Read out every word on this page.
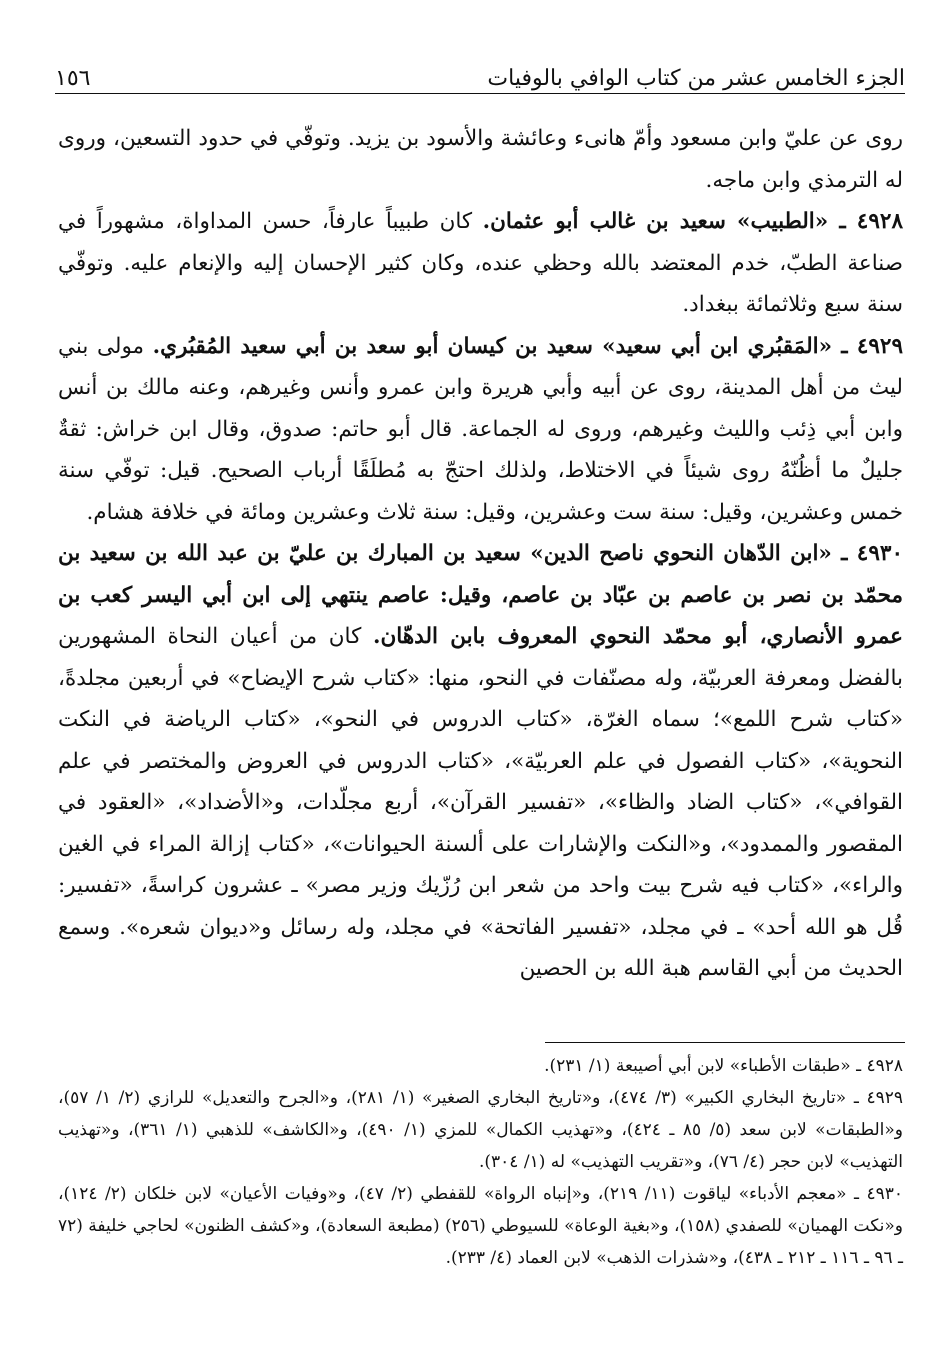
الجزء الخامس عشر من كتاب الوافي بالوفيات
١٥٦

روى عن عليّ وابن مسعود وأمّ هانىء وعائشة والأسود بن يزيد. وتوفّي في حدود التسعين، وروى له الترمذي وابن ماجه.

٤٩٢٨ ـ «الطبيب» سعيد بن غالب أبو عثمان. كان طبيباً عارفاً، حسن المداواة، مشهوراً في صناعة الطبّ، خدم المعتضد بالله وحظي عنده، وكان كثير الإحسان إليه والإنعام عليه. وتوفّي سنة سبع وثلاثمائة ببغداد.

٤٩٢٩ ـ «المَقبُري ابن أبي سعيد» سعيد بن كيسان أبو سعد بن أبي سعيد المُقبُري. مولى بني ليث من أهل المدينة، روى عن أبيه وأبي هريرة وابن عمرو وأنس وغيرهم، وعنه مالك بن أنس وابن أبي ذِئب والليث وغيرهم، وروى له الجماعة. قال أبو حاتم: صدوق، وقال ابن خراش: ثقةٌ جليلٌ ما أظُنّهُ روى شيئاً في الاختلاط، ولذلك احتجّ به مُطلَقًا أرباب الصحيح. قيل: توفّي سنة خمس وعشرين، وقيل: سنة ست وعشرين، وقيل: سنة ثلاث وعشرين ومائة في خلافة هشام.

٤٩٣٠ ـ «ابن الدّهان النحوي ناصح الدين» سعيد بن المبارك بن عليّ بن عبد الله بن سعيد بن محمّد بن نصر بن عاصم بن عبّاد بن عاصم، وقيل: عاصم ينتهي إلى ابن أبي اليسر كعب بن عمرو الأنصاري، أبو محمّد النحوي المعروف بابن الدهّان. كان من أعيان النحاة المشهورين بالفضل ومعرفة العربيّة، وله مصنّفات في النحو، منها: «كتاب شرح الإيضاح» في أربعين مجلدةً، «كتاب شرح اللمع»؛ سماه الغرّة، «كتاب الدروس في النحو»، «كتاب الرياضة في النكت النحوية»، «كتاب الفصول في علم العربيّة»، «كتاب الدروس في العروض والمختصر في علم القوافي»، «كتاب الضاد والظاء»، «تفسير القرآن»، أربع مجلّدات، و«الأضداد»، «العقود في المقصور والممدود»، و«النكت والإشارات على ألسنة الحيوانات»، «كتاب إزالة المراء في الغين والراء»، «كتاب فيه شرح بيت واحد من شعر ابن رُزّيك وزير مصر» ـ عشرون كراسةً، «تفسير: قُل هو الله أحد» ـ في مجلد، «تفسير الفاتحة» في مجلد، وله رسائل و«ديوان شعره». وسمع الحديث من أبي القاسم هبة الله بن الحصين

٤٩٢٨ ـ «طبقات الأطباء» لابن أبي أصيبعة (١/ ٢٣١).

٤٩٢٩ ـ «تاريخ البخاري الكبير» (٣/ ٤٧٤)، و«تاريخ البخاري الصغير» (١/ ٢٨١)، و«الجرح والتعديل» للرازي (٢/ ١/ ٥٧)، و«الطبقات» لابن سعد (٥/ ٨٥ ـ ٤٢٤)، و«تهذيب الكمال» للمزي (١/ ٤٩٠)، و«الكاشف» للذهبي (١/ ٣٦١)، و«تهذيب التهذيب» لابن حجر (٤/ ٧٦)، و«تقريب التهذيب» له (١/ ٣٠٤).

٤٩٣٠ ـ «معجم الأدباء» لياقوت (١١/ ٢١٩)، و«إنباه الرواة» للقفطي (٢/ ٤٧)، و«وفيات الأعيان» لابن خلكان (٢/ ١٢٤)، و«نكت الهميان» للصفدي (١٥٨)، و«بغية الوعاة» للسيوطي (٢٥٦) (مطبعة السعادة)، و«كشف الظنون» لحاجي خليفة (٧٢ ـ ٩٦ ـ ١١٦ ـ ٢١٢ ـ ٤٣٨)، و«شذرات الذهب» لابن العماد (٤/ ٢٣٣).
